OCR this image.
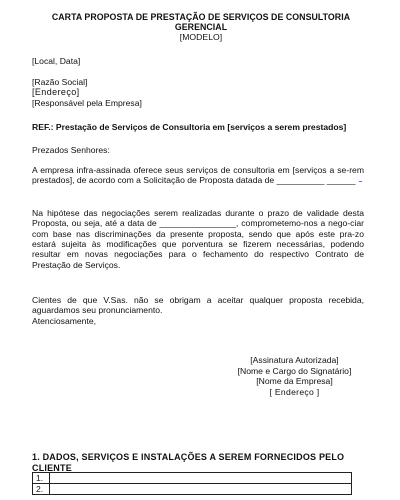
CARTA PROPOSTA DE PRESTAÇÃO DE SERVIÇOS DE CONSULTORIA
GERENCIAL
[MODELO]
[Local, Data]
[Razão Social]
[Endereço]
[Responsável pela Empresa]
REF.: Prestação de Serviços de Consultoria em [serviços a serem prestados]
Prezados Senhores:
A empresa infra-assinada oferece seus serviços de consultoria em [serviços a se-rem prestados], de acordo com a Solicitação de Proposta datada de __________ ______
Na hipótese das negociações serem realizadas durante o prazo de validade desta Proposta, ou seja, até a data de ________________, comprometemo-nos a nego-ciar com base nas discriminações da presente proposta, sendo que após este pra-zo estará sujeita às modificações que porventura se fizerem necessárias, podendo resultar em novas negociações para o fechamento do respectivo Contrato de Prestação de Serviços.
Cientes de que V.Sas. não se obrigam a aceitar qualquer proposta recebida, aguardamos seu pronunciamento.
Atenciosamente,
[Assinatura Autorizada]
[Nome e Cargo do Signatário]
[Nome da Empresa]
[ Endereço ]
1. DADOS, SERVIÇOS E INSTALAÇÕES A SEREM FORNECIDOS PELO CLIENTE
1.	
2.	
